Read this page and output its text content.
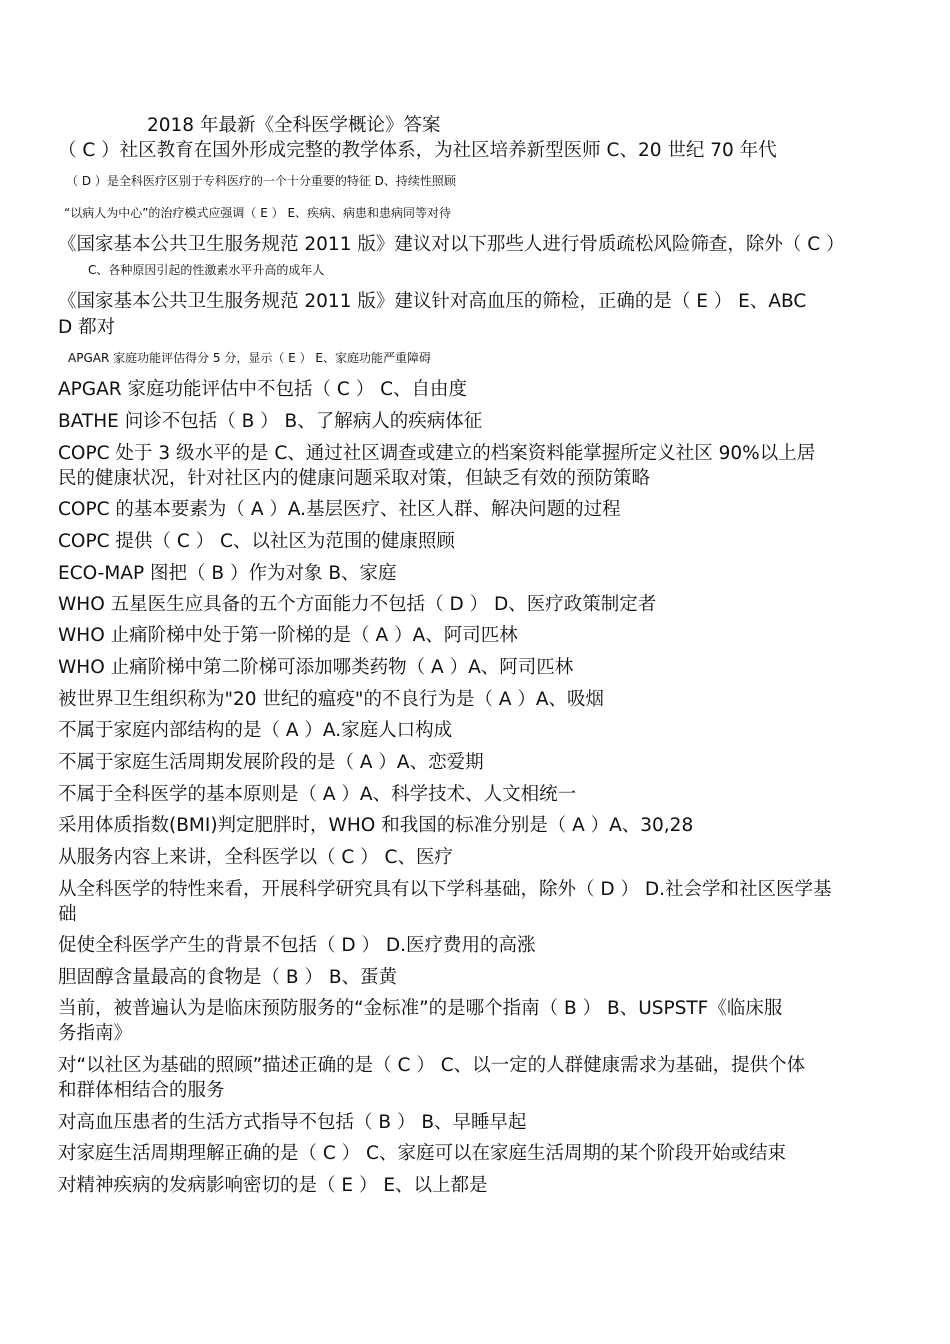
2018 年最新《全科医学概论》答案
（ C ）社区教育在国外形成完整的教学体系，为社区培养新型医师 C、20 世纪 70 年代
（ D ）是全科医疗区别于专科医疗的一个十分重要的特征 D、持续性照顾
“以病人为中心”的治疗模式应强调（ E ） E、疾病、病患和患病同等对待
《国家基本公共卫生服务规范 2011 版》建议对以下那些人进行骨质疏松风险筛查，除外（ C ）
C、各种原因引起的性激素水平升高的成年人
《国家基本公共卫生服务规范 2011 版》建议针对高血压的筛检，正确的是（ E ） E、ABC
D 都对
APGAR 家庭功能评估得分 5 分，显示（ E ） E、家庭功能严重障碍
APGAR 家庭功能评估中不包括（ C ） C、自由度
BATHE 问诊不包括（ B ） B、了解病人的疾病体征
COPC 处于 3 级水平的是 C、通过社区调查或建立的档案资料能掌握所定义社区 90%以上居
民的健康状况，针对社区内的健康问题采取对策，但缺乏有效的预防策略
COPC 的基本要素为（ A ）A.基层医疗、社区人群、解决问题的过程
COPC 提供（ C ） C、以社区为范围的健康照顾
ECO-MAP 图把（ B ）作为对象 B、家庭
WHO 五星医生应具备的五个方面能力不包括（ D ） D、医疗政策制定者
WHO 止痛阶梯中处于第一阶梯的是（ A ）A、阿司匹林
WHO 止痛阶梯中第二阶梯可添加哪类药物（ A ）A、阿司匹林
被世界卫生组织称为"20 世纪的瘟疫"的不良行为是（ A ）A、吸烟
不属于家庭内部结构的是（ A ）A.家庭人口构成
不属于家庭生活周期发展阶段的是（ A ）A、恋爱期
不属于全科医学的基本原则是（ A ）A、科学技术、人文相统一
采用体质指数(BMI)判定肥胖时，WHO 和我国的标准分别是（ A ）A、30,28
从服务内容上来讲，全科医学以（ C ） C、医疗
从全科医学的特性来看，开展科学研究具有以下学科基础，除外（ D ） D.社会学和社区医学基
础
促使全科医学产生的背景不包括（ D ） D.医疗费用的高涨
胆固醇含量最高的食物是（ B ） B、蛋黄
当前，被普遍认为是临床预防服务的“金标准”的是哪个指南（ B ） B、USPSTF《临床服
务指南》
对“以社区为基础的照顾”描述正确的是（ C ） C、以一定的人群健康需求为基础，提供个体
和群体相结合的服务
对高血压患者的生活方式指导不包括（ B ） B、早睡早起
对家庭生活周期理解正确的是（ C ） C、家庭可以在家庭生活周期的某个阶段开始或结束
对精神疾病的发病影响密切的是（ E ） E、以上都是
